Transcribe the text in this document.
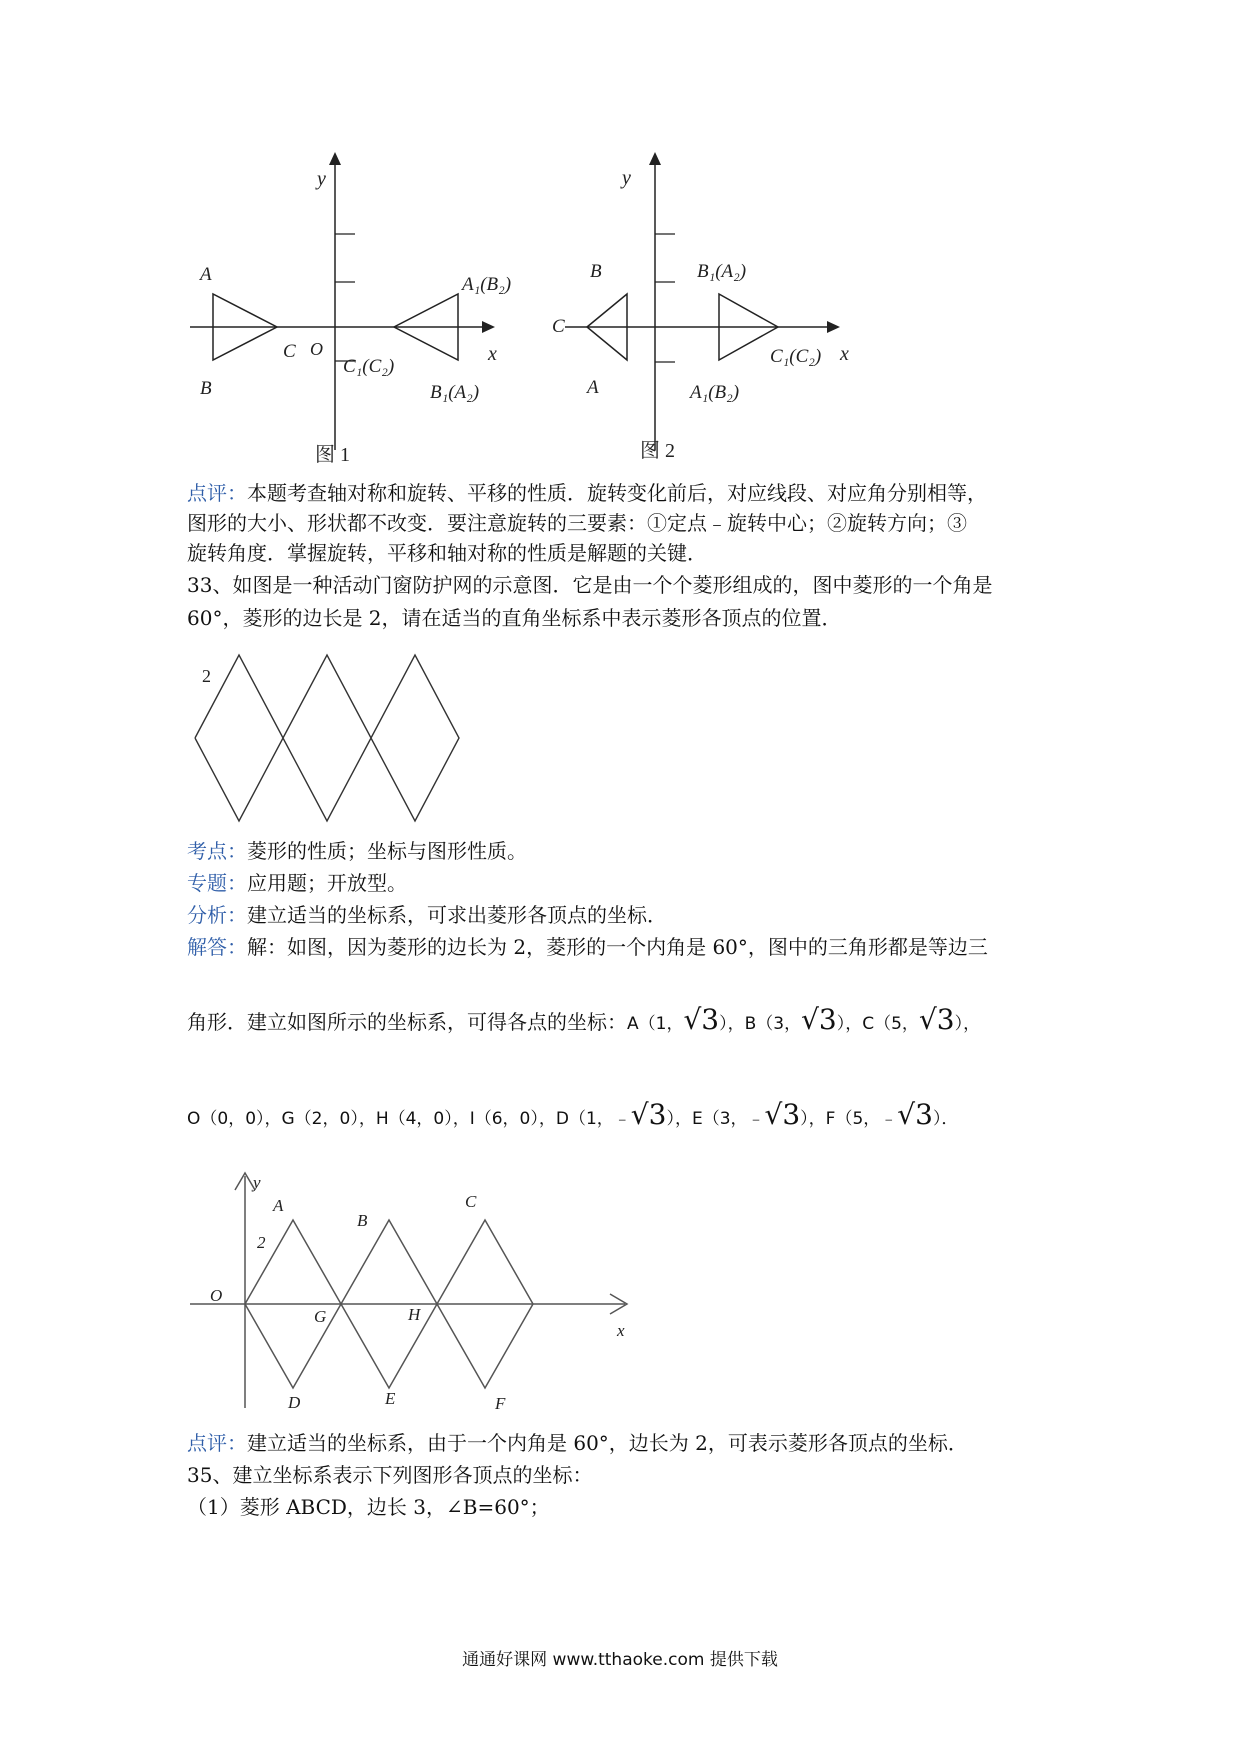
y
x
O
A
B
C
A₁(B₂)
C₁(C₂)
B₁(A₂)
图 1
y
x
C
B
A
B₁(A₂)
C₁(C₂)
A₁(B₂)
图 2
点评：本题考查轴对称和旋转、平移的性质．旋转变化前后，对应线段、对应角分别相等，
图形的大小、形状都不改变．要注意旋转的三要素：①定点﹣旋转中心；②旋转方向；③
旋转角度．掌握旋转，平移和轴对称的性质是解题的关键．
33、如图是一种活动门窗防护网的示意图．它是由一个个菱形组成的，图中菱形的一个角是
60°，菱形的边长是 2，请在适当的直角坐标系中表示菱形各顶点的位置．
2
考点：菱形的性质；坐标与图形性质。
专题：应用题；开放型。
分析：建立适当的坐标系，可求出菱形各顶点的坐标．
解答：解：如图，因为菱形的边长为 2，菱形的一个内角是 60°，图中的三角形都是等边三
角形．建立如图所示的坐标系，可得各点的坐标：A（1，√3），B（3，√3），C（5，√3），
O（0，0），G（2，0），H（4，0），I（6，0），D（1，﹣√3），E（3，﹣√3），F（5，﹣√3）．
y
x
O
2
A
B
C
G	H
D	E	F
点评：建立适当的坐标系，由于一个内角是 60°，边长为 2，可表示菱形各顶点的坐标．
35、建立坐标系表示下列图形各顶点的坐标：
（1）菱形 ABCD，边长 3，∠B=60°；
通通好课网 www.tthaoke.com 提供下载
